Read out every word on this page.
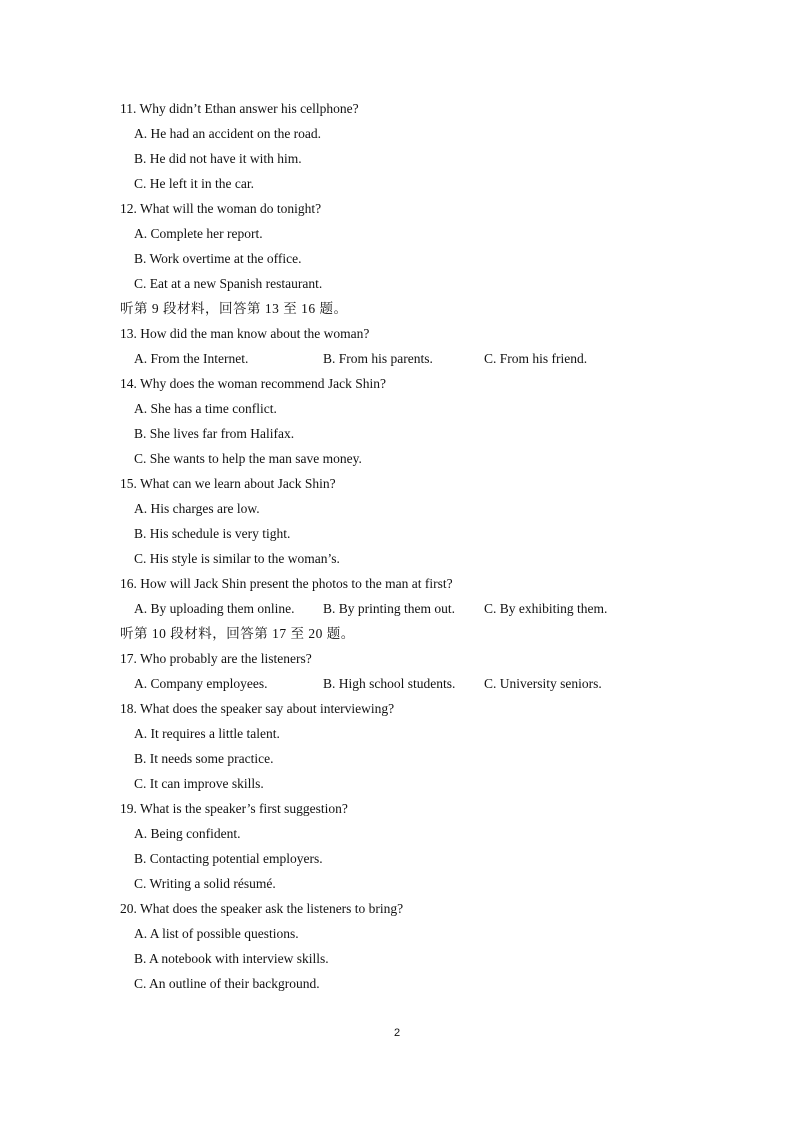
11. Why didn’t Ethan answer his cellphone?
A. He had an accident on the road.
B. He did not have it with him.
C. He left it in the car.
12. What will the woman do tonight?
A. Complete her report.
B. Work overtime at the office.
C. Eat at a new Spanish restaurant.
听第 9 段材料，回答第 13 至 16 题。
13. How did the man know about the woman?
A. From the Internet.	B. From his parents.	C. From his friend.
14. Why does the woman recommend Jack Shin?
A. She has a time conflict.
B. She lives far from Halifax.
C. She wants to help the man save money.
15. What can we learn about Jack Shin?
A. His charges are low.
B. His schedule is very tight.
C. His style is similar to the woman’s.
16. How will Jack Shin present the photos to the man at first?
A. By uploading them online. B. By printing them out. C. By exhibiting them.
听第 10 段材料，回答第 17 至 20 题。
17. Who probably are the listeners?
A. Company employees.	B. High school students. C. University seniors.
18. What does the speaker say about interviewing?
A. It requires a little talent.
B. It needs some practice.
C. It can improve skills.
19. What is the speaker’s first suggestion?
A. Being confident.
B. Contacting potential employers.
C. Writing a solid résumé.
20. What does the speaker ask the listeners to bring?
A. A list of possible questions.
B. A notebook with interview skills.
C. An outline of their background.
2
